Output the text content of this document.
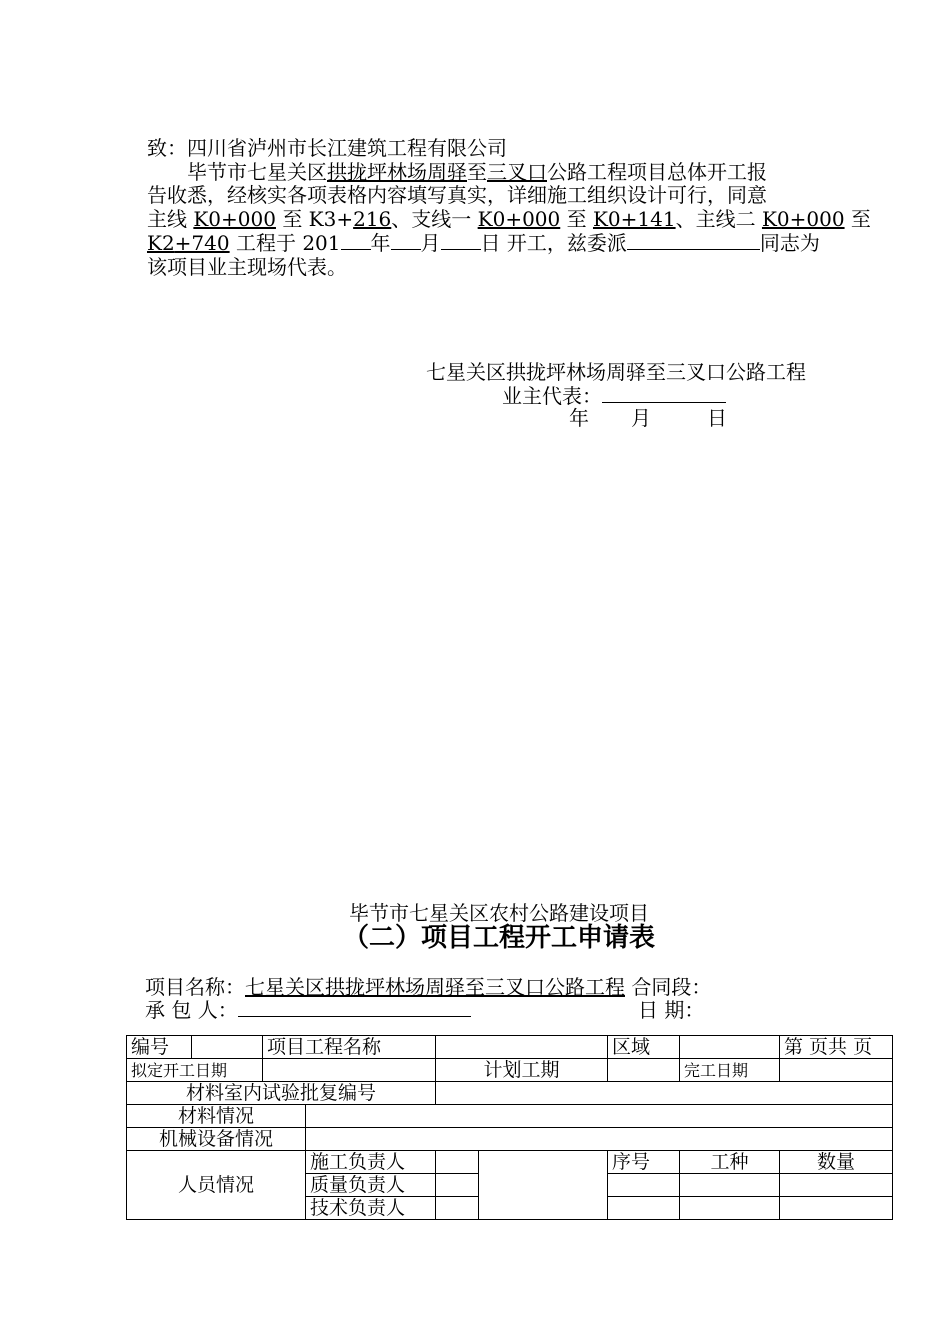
致：四川省泸州市长江建筑工程有限公司
毕节市七星关区拱拢坪林场周驿至三叉口公路工程项目总体开工报
告收悉，经核实各项表格内容填写真实，详细施工组织设计可行，同意
主线 K0+000 至 K3+216、支线一 K0+000 至 K0+141、主线二 K0+000 至
K2+740 工程于 201 年 月 日 开工，兹委派	同志为
该项目业主现场代表。
七星关区拱拢坪林场周驿至三叉口公路工程
业主代表：
年 月	日
毕节市七星关区农村公路建设项目
（二）项目工程开工申请表
项目名称：七星关区拱拢坪林场周驿至三叉口公路工程 合同段：
承 包 人：	日 期：
编号		项目工程名称				区域		第 页共 页
拟定开工日期				计划工期			完工日期	
材料室内试验批复编号								
材料情况								
机械设备情况								
人员情况			施工负责人			序号	工种	数量
			质量负责人					
			技术负责人					
